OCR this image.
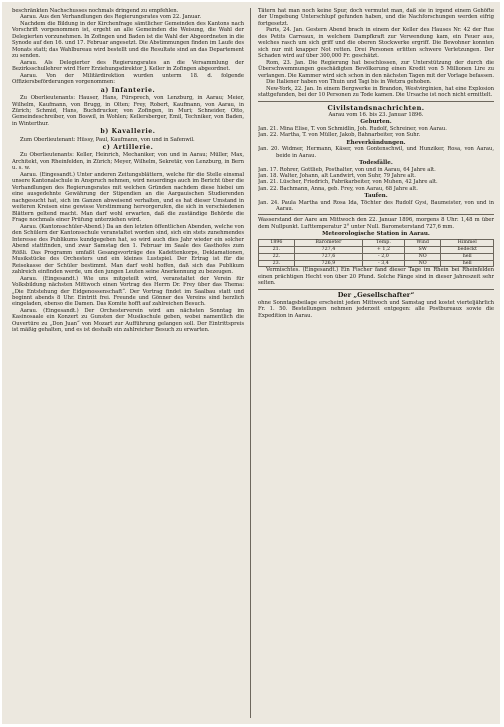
beschränkten Nachschusses nochmals dringend zu empfehlen.

Aarau. Aus den Verhandlungen des Regierungsrates vom 22. Januar.

Nachdem die Bildung in der Kirchenfrage sämtlicher Gemeinden des Kantons nach Vorschrift vorgenommen ist, ergeht an alle Gemeinden die Weisung, die Wahl der Delegierten vorzunehmen. In Zofingen und Baden ist die Wahl der Abgeordneten in die Synode auf den 16. und 17. Februar angesetzt. Die Abstimmungen finden im Laufe des Monats statt; das Wahlbureau wird bestellt und die Resultate sind an das Departement zu senden.

Aarau. Als Delegierter des Regierungsrates an die Versammlung der Bezirksschullehrer wird Herr Erziehungsdirektor J. Keller in Zofingen abgeordnet.

Aarau. Von der Militärdirektion wurden unterm 18. d. folgende Offiziersbeförderungen vorgenommen:

a) Infanterie.

Zu Oberlieutenants: Hauser, Hans, Fürsprech, von Lenzburg, in Aarau; Meier, Wilhelm, Kaufmann, von Brugg, in Olten; Frey, Robert, Kaufmann, von Aarau, in Zürich; Schmid, Hans, Buchdrucker, von Zofingen, in Muri; Schneider, Otto, Gemeindeschreiber, von Boswil, in Wohlen; Kellersberger, Emil, Techniker, von Baden, in Winterthur.

b) Kavallerie.

Zum Oberlieutenant: Hüssy, Paul, Kaufmann, von und in Safenwil.

c) Artillerie.

Zu Oberlieutenants: Keller, Heinrich, Mechaniker, von und in Aarau; Müller, Max, Architekt, von Rheinfelden, in Zürich; Meyer, Wilhelm, Sekretär, von Lenzburg, in Bern u. s. w.

Aarau. (Eingesandt.) Unter anderen Zeitungsblättern, welche für die Stelle einsmal unsere Kantonalschule in Anspruch nehmen, wird neuerdings auch im Bericht über die Verhandlungen des Regierungsrates mit welchen Gründen nachdem diese hiebei um eine ausgedehnte Gewährung der Stipendien an die Aargauischen Studierenden nachgesucht hat, sich im Ganzen abweisend verhalten, und es hat dieser Umstand in weiteren Kreisen eine gewisse Verstimmung hervorgerufen, die sich in verschiedenen Blättern geltend macht. Man darf wohl erwarten, daß die zuständige Behörde die Frage nochmals einer Prüfung unterziehen wird.

Aarau. (Kantonsschüler-Abend.) Da an den letzten öffentlichen Abenden, welche von den Schülern der Kantonsschule veranstaltet worden sind, sich ein stets zunehmendes Interesse des Publikums kundgegeben hat, so wird auch dies Jahr wieder ein solcher Abend stattfinden, und zwar Samstag den 1. Februar im Saale des Gasthofes zum Rößli. Das Programm umfaßt Gesangsvorträge des Kadettenkorps, Deklamationen, Musikstücke des Orchesters und ein kleines Lustspiel. Der Ertrag ist für die Reisekasse der Schüler bestimmt. Man darf wohl hoffen, daß sich das Publikum zahlreich einfinden werde, um den jungen Leuten seine Anerkennung zu bezeugen.

Aarau. (Eingesandt.) Wie uns mitgeteilt wird, veranstaltet der Verein für Volksbildung nächsten Mittwoch einen Vortrag des Herrn Dr. Frey über das Thema: „Die Entstehung der Eidgenossenschaft“. Der Vortrag findet im Saalbau statt und beginnt abends 8 Uhr. Eintritt frei. Freunde und Gönner des Vereins sind herzlich eingeladen, ebenso die Damen. Das Komite hofft auf zahlreichen Besuch.

Aarau. (Eingesandt.) Der Orchesterverein wird am nächsten Sonntag im Kasinosaale ein Konzert zu Gunsten der Musikschule geben, wobei namentlich die Ouvertüre zu „Don Juan“ von Mozart zur Aufführung gelangen soll. Der Eintrittspreis ist mäßig gehalten, und es ist deshalb ein zahlreicher Besuch zu erwarten.

Tätern hat man noch keine Spur, doch vermutet man, daß sie in irgend einem Gehöfte der Umgebung Unterschlupf gefunden haben, und die Nachforschungen werden eifrig fortgesetzt.

Paris, 24. Jan. Gestern Abend brach in einem der Keller des Hauses Nr. 42 der Rue des Petits Carreaux, in welchem Dampfkraft zur Verwendung kam, ein Feuer aus, welches rasch um sich griff und die oberen Stockwerke ergriff. Die Bewohner konnten sich nur mit knapper Not retten. Drei Personen erlitten schwere Verletzungen. Der Schaden wird auf über 300,000 Fr. geschätzt.

Rom, 23. Jan. Die Regierung hat beschlossen, zur Unterstützung der durch die Überschwemmungen geschädigten Bevölkerung einen Kredit von 5 Millionen Lire zu verlangen. Die Kammer wird sich schon in den nächsten Tagen mit der Vorlage befassen.

Die Italiener haben von Thuin und Tagi bis in Wetzra gehoben.

New-York, 22. Jan. In einem Bergwerke in Brandon, Westvirginien, hat eine Explosion stattgefunden, bei der 10 Personen zu Tode kamen. Die Ursache ist noch nicht ermittelt.

Civilstandsnachrichten.
Aarau vom 16. bis 23. Januar 1896.
Geburten.

Jan. 21. Mina Elise, T. von Schmidlin, Joh. Rudolf, Schreiner, von Aarau.

Jan. 22. Martha, T. von Müller, Jakob, Bahnarbeiter, von Suhr.

Eheverkündungen.

Jan. 20. Widmer, Hermann, Käser, von Gontenschwil, und Hunziker, Rosa, von Aarau, beide in Aarau.

Todesfälle.

Jan. 17. Rohrer, Gottlieb, Posthalter, von und in Aarau, 64 Jahre alt.

Jan. 18. Walter, Johann, alt Landwirt, von Suhr, 79 Jahre alt.

Jan. 21. Lüscher, Friedrich, Fabrikarbeiter, von Muhen, 42 Jahre alt.

Jan. 22. Bachmann, Anna, geb. Frey, von Aarau, 68 Jahre alt.

Taufen.

Jan. 24. Paula Martha und Rosa Ida, Töchter des Rudolf Gysi, Baumeister, von und in Aarau.

Wasserstand der Aare am Mittwoch den 22. Januar 1896, morgens 8 Uhr: 1,48 m über dem Nullpunkt. Lufttemperatur 2° unter Null. Barometerstand 727,6 mm.

Meteorologische Station in Aarau.
1896	Barometer	Temp.	Wind	Himmel
21.	727,4	+ 1,2	SW	bedeckt
22.	727,6	- 2,0	NO	hell
23.	726,9	- 3,4	NO	hell

Vermischtes. (Eingesandt.) Ein Fischer fand dieser Tage im Rhein bei Rheinfelden einen prächtigen Hecht von über 20 Pfund. Solche Fänge sind in dieser Jahreszeit sehr selten.

Der „Gesellschafter“

ohne Sonntagsbeilage erscheint jeden Mittwoch und Samstag und kostet vierteljährlich Fr. 1. 50. Bestellungen nehmen jederzeit entgegen: alle Postbureaux sowie die Expedition in Aarau.
